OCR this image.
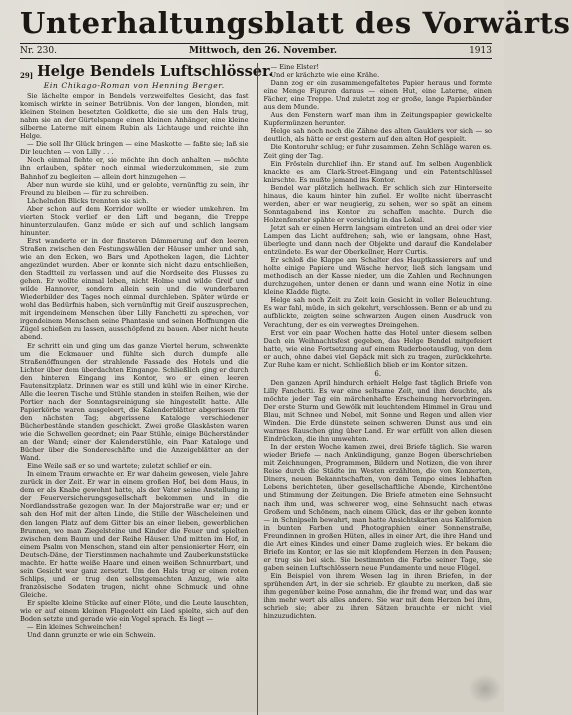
Unterhaltungsblatt des Vorwärts
Nr. 230.	Mittwoch, den 26. November.	1913
29] Helge Bendels Luftschlösser.
Ein Chikago-Roman von Henning Berger.

Sie lächelte empor in Bendels verzweifeltes Gesicht, das fast komisch wirkte in seiner Betrübnis. Von der langen, blonden, mit kleinen Steinen besetzten Goldkette, die sie um den Hals trug, nahm sie an der Gürtelspange einen kleinen Anhänger, eine kleine silberne Laterne mit einem Rubin als Lichtauge und reichte ihn Helge.

— Die soll Ihr Glück bringen — eine Maskotte — faßte sie; laß sie Dir leuchten — von Lilly . . .

Noch einmal flehte er, sie möchte ihn doch anhalten — möchte ihn erlauben, später noch einmal wiederzukommen, sie zum Bahnhof zu begleiten — allein dort hinzugehen —

Aber nun wurde sie kühl, und er gelobte, vernünftig zu sein, ihr Freund zu bleiben — für zu schreiben.

Lächelnden Blicks trennten sie sich.

Aber schon auf dem Korridor wollte er wieder umkehren. Im vierten Stock verlief er den Lift und begann, die Treppe hinunterzulaufen. Ganz müde er sich auf und schlich langsam hinunter.

Erst wanderte er in der finsteren Dämmerung auf den leeren Straßen zwischen den Festungswällen der Häuser umher und sah, wie an den Ecken, wo Bars und Apotheken lagen, die Lichter angezündet wurden. Aber er konnte sich nicht dazu entschließen, den Stadtteil zu verlassen und auf die Nordseite des Flusses zu gehen. Er wollte einmal leben, nicht Holme und wilde Greif und wilde Hannover, sondern allein sein und die wunderbaren Wiederbilder des Tages noch einmal durchleben. Später würde er wohl das Bedürfnis haben, sich vernünftig mit Greif auszusprechen, mit irgendeinem Menschen über Lilly Fanchetti zu sprechen, vor irgendeinem Menschen seine Phantasie und seinen Hoffnungen die Zügel schießen zu lassen, ausschöpfend zu bauen. Aber nicht heute abend.

Er schritt ein und ging um das ganze Viertel herum, schwenkte um die Eckmauer und fühlte sich durch dumpfe alle Straßenöffnungen der strahlende Fassade des Hotels und die Lichter über dem überdachten Eingange. Schließlich ging er durch den hinteren Eingang ins Kontor, wo er einen leeren Fautensitzplatz. Drinnen war es still und kühl wie in einer Kirche. Alle die leeren Tische und Stühle standen in steifen Reihen, wie der Portier nach der Sonntagsreinigung sie hingestellt hatte. Alle Papierkörbe waren ausgeleert, die Kalenderblätter abgerissen für den nächsten Tag; abgerissene Kataloge verschiedener Bücherbestände standen geschickt. Zwei große Glaskästen waren wie die Schwellen geordnet; ein Paar Stühle, einige Bücherständer an der Wand; einer der Kalenderstühle, ein Paar Kataloge und Bücher über die Sondereschäfte und die Anzeigeblätter an der Wand.

Eine Weile saß er so und wartete; zuletzt schlief er ein.

In einem Traum erwachte er. Er war daheim gewesen, viele Jahre zurück in der Zeit. Er war in einem großen Hof, bei dem Haus, in dem er als Knabe gewohnt hatte, als der Vater seine Anstellung in der Feuerversicherungsgesellschaft bekommen und in die Nordlandsstraße gezogen war. In der Majorstraße war er; und er sah den Hof mit der alten Linde, die Stille der Wäscheleinen und den langen Platz auf dem Gitter bis an einer lieben, gewerblichen Brunnen, wo man Ziegelsteine und Kinder die Feuer und spielten zwischen dem Baum und der Reihe Häuser. Und mitten im Hof, in einem Psalm von Menschen, stand ein alter pensionierter Herr, ein Deutsch-Däne, der Tierstimmen nachahmte und Zauberkunststücke machte. Er hatte weiße Haare und einen weißen Schnurrbart, und sein Gesicht war ganz zersetzt. Um den Hals trug er einen roten Schlips, und er trug den selbstgemachten Anzug, wie alte französische Sodaten trugen, nicht ohne Schmuck und ohne Gleiche.

Er spielte kleine Stücke auf einer Flöte, und die Leute lauschten, wie er auf einem kleinen Flageolett ein Lied spielte, sich auf den Boden setzte und gerade wie ein Vogel sprach. Es liegt —

— Ein kleines Schweinchen!

Und dann grunzte er wie ein Schwein.

— Eine Elster!

Und er krächzte wie eine Krähe.

Dann zog er ein zusammengefaltetes Papier heraus und formte eine Menge Figuren daraus — einen Hut, eine Laterne, einen Fächer, eine Treppe. Und zuletzt zog er große, lange Papierbänder aus dem Munde.

Aus den Fenstern warf man ihm in Zeitungspapier gewickelte Kupfermünzen herunter.

Helge sah noch noch die Zähne des alten Gauklers vor sich — so deutlich, als hätte er erst gestern auf den alten Hof gespielt.

Die Kontoruhr schlug; er fuhr zusammen. Zehn Schläge waren es. Zeit ging der Tag.

Ein Frösteln durchlief ihn. Er stand auf. Im selben Augenblick knackte es am Clark-Street-Eingang und ein Patentschlüssel knirschte. Es mußte jemand ins Kontor.

Bendel war plötzlich hellwach. Er schlich sich zur Hinterseite hinaus, die kaum hinter hin zufiel. Er wollte nicht überrascht werden, aber er war neugierig, zu sehen, wer so spät an einem Sonntagabend ins Kontor zu schaffen machte. Durch die Holzenfenster spähte er vorsichtig in das Lokal.

Jetzt sah er einen Herrn langsam eintreten und an drei oder vier Lampen das Licht aufdrehen; sah, wie er langsam, ohne Hast, überlegte und dann nach der Objekte und darauf die Kandelaber entzündete. Es war der Oberkellner, Herr Curtis.

Er schloß die Klappe am Schalter des Hauptkassierers auf und holte einige Papiere und Wäsche hervor, ließ sich langsam und methodisch an der Kasse nieder, um die Zahlen und Rechnungen durchzugehen, unter denen er dann und wann eine Notiz in eine kleine Kladde fügte.

Helge sah noch Zeit zu Zeit kein Gesicht in voller Beleuchtung. Es war fahl, müde, in sich gekehrt, verschlossen. Benn er ab und zu aufblickte, zeigten seine schwarzen Augen einen Ausdruck von Verachtung, der es ein verwegtes Dreingehen.

Erst vor ein paar Wochen hatte das Hotel unter diesem selben Dach ein Weihnachtsfest gegeben, das Helge Bendel mitgefeiert hatte, wie eine Fortsetzung auf einem Ruderbootausflug, von dem er auch, ohne dabei viel Gepäck mit sich zu tragen, zurückkehrte. Zur Ruhe kam er nicht. Schließlich blieb er im Kontor sitzen.

6.

Den ganzen April hindurch erhielt Helge fast täglich Briefe von Lilly Fanchetti. Es war eine seltsame Zeit, und ihm deuchte, als möchte jeder Tag ein märchenhafte Erscheinung hervorbringen. Der erste Sturm und Gewölk mit leuchtendem Himmel in Grau und Blau, mit Schnee und Nebel, mit Sonne und Regen und allen vier Winden. Die Erde dünstete seinen schweren Dunst aus und ein warmes Rauschen ging über Land. Er war erfüllt von allen diesen Eindrücken, die ihn umwehten.

In der ersten Woche kamen zwei, drei Briefe täglich. Sie waren wieder Briefe — nach Ankündigung, ganze Bogen überschrieben mit Zeichnungen, Programmen, Bildern und Notizen, die von ihrer Reise durch die Städte im Westen erzählten, die von Konzerten, Diners, neuen Bekanntschaften, von dem Tempo eines lebhaften Lebens berichteten, über gesellschaftliche Abende, Kirchentöne und Stimmung der Zeitungen. Die Briefe atmeten eine Sehnsucht nach ihm und, was schwerer wog, eine Sehnsucht nach etwas Großem und Schönem, nach einem Glück, das er ihr geben konnte — in Schnipseln bewahrt, man hatte Ansichtskarten aus Kalifornien in bunten Farben und Photographien einer Sonnenstraße, Freundinnen in großen Hüten, alles in einer Art, die ihre Hand und die Art eines Kindes und einer Dame zugleich wies. Er bekam die Briefe im Kontor, er las sie mit klopfendem Herzen in den Pausen; er trug sie bei sich. Sie bestimmten die Farbe seiner Tage, sie gaben seinen Luftschlössern neue Fundamente und neue Flügel.

Ein Beispiel von ihrem Wesen lag in ihren Briefen, in der sprühenden Art, in der sie schrieb. Er glaubte zu merken, daß sie ihm gegenüber keine Pose annahm, die ihr fremd war, und das war ihm mehr wert als alles andere. Sie war mit dem Herzen bei ihm, schrieb sie; aber zu ihren Sätzen brauchte er nicht viel hinzuzudichten.
